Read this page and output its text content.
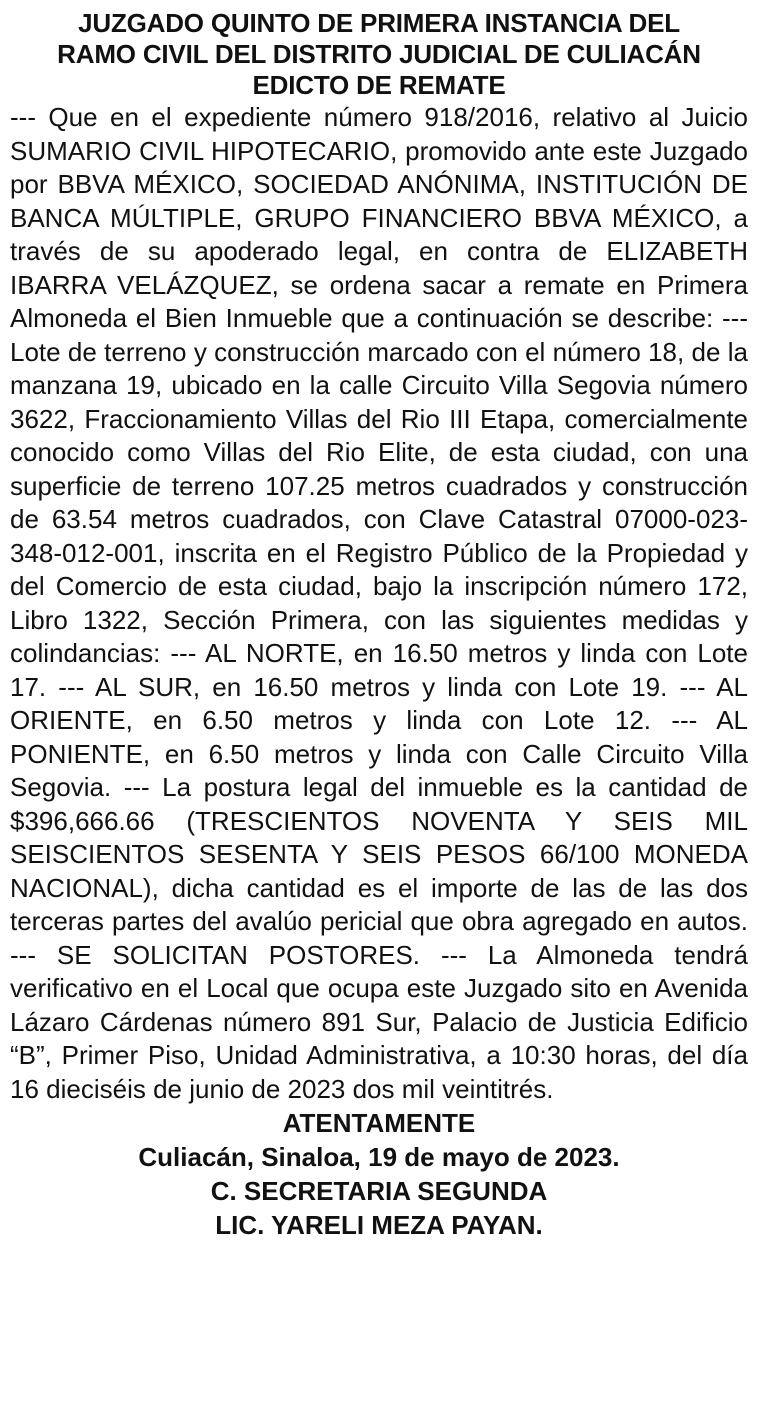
JUZGADO QUINTO DE PRIMERA INSTANCIA DEL

RAMO CIVIL DEL DISTRITO JUDICIAL DE CULIACÁN

EDICTO DE REMATE

--- Que en el expediente número 918/2016, relativo al Juicio SUMARIO CIVIL HIPOTECARIO, promovido ante este Juzgado por BBVA MÉXICO, SOCIEDAD ANÓNIMA, INSTITUCIÓN DE BANCA MÚLTIPLE, GRUPO FINANCIERO BBVA MÉXICO, a través de su apoderado legal, en contra de ELIZABETH IBARRA VELÁZQUEZ, se ordena sacar a remate en Primera Almoneda el Bien Inmueble que a continuación se describe: --- Lote de terreno y construcción marcado con el número 18, de la manzana 19, ubicado en la calle Circuito Villa Segovia número 3622, Fraccionamiento Villas del Rio III Etapa, comercialmente conocido como Villas del Rio Elite, de esta ciudad, con una superficie de terreno 107.25 metros cuadrados y construcción de 63.54 metros cuadrados, con Clave Catastral 07000-023-348-012-001, inscrita en el Registro Público de la Propiedad y del Comercio de esta ciudad, bajo la inscripción número 172, Libro 1322, Sección Primera, con las siguientes medidas y colindancias: --- AL NORTE, en 16.50 metros y linda con Lote 17. --- AL SUR, en 16.50 metros y linda con Lote 19. --- AL ORIENTE, en 6.50 metros y linda con Lote 12. --- AL PONIENTE, en 6.50 metros y linda con Calle Circuito Villa Segovia. --- La postura legal del inmueble es la cantidad de $396,666.66 (TRESCIENTOS NOVENTA Y SEIS MIL SEISCIENTOS SESENTA Y SEIS PESOS 66/100 MONEDA NACIONAL), dicha cantidad es el importe de las de las dos terceras partes del avalúo pericial que obra agregado en autos. --- SE SOLICITAN POSTORES. --- La Almoneda tendrá verificativo en el Local que ocupa este Juzgado sito en Avenida Lázaro Cárdenas número 891 Sur, Palacio de Justicia Edificio “B”, Primer Piso, Unidad Administrativa, a 10:30 horas, del día 16 dieciséis de junio de 2023 dos mil veintitrés.

ATENTAMENTE

Culiacán, Sinaloa, 19 de mayo de 2023.

C. SECRETARIA SEGUNDA

LIC. YARELI MEZA PAYAN.
